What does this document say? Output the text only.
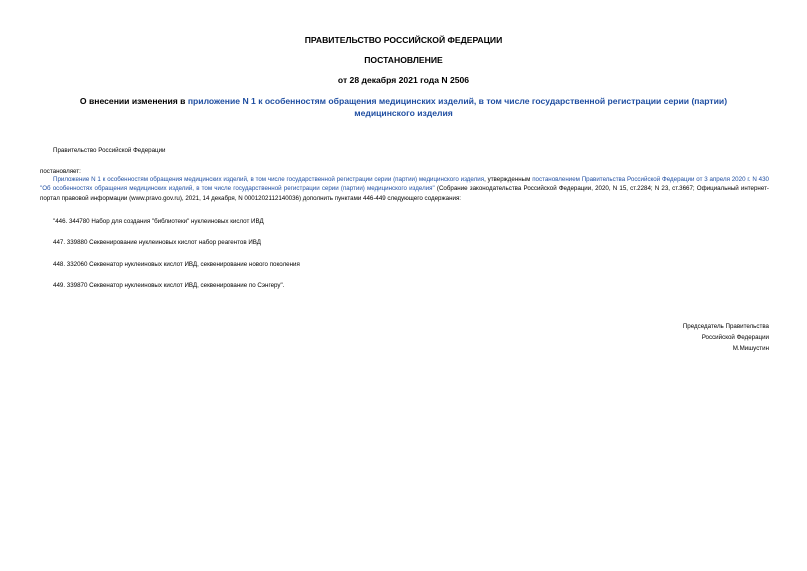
ПРАВИТЕЛЬСТВО РОССИЙСКОЙ ФЕДЕРАЦИИ
ПОСТАНОВЛЕНИЕ
от 28 декабря 2021 года N 2506
О внесении изменения в приложение N 1 к особенностям обращения медицинских изделий, в том числе государственной регистрации серии (партии) медицинского изделия
Правительство Российской Федерации
постановляет:
Приложение N 1 к особенностям обращения медицинских изделий, в том числе государственной регистрации серии (партии) медицинского изделия, утвержденным постановлением Правительства Российской Федерации от 3 апреля 2020 г. N 430 "Об особенностях обращения медицинских изделий, в том числе государственной регистрации серии (партии) медицинского изделия" (Собрание законодательства Российской Федерации, 2020, N 15, ст.2284; N 23, ст.3667; Официальный интернет-портал правовой информации (www.pravo.gov.ru), 2021, 14 декабря, N 0001202112140036) дополнить пунктами 446-449 следующего содержания:
"446. 344780 Набор для создания "библиотеки" нуклеиновых кислот ИВД
447. 339880 Секвенирование нуклеиновых кислот набор реагентов ИВД
448. 332060 Секвенатор нуклеиновых кислот ИВД, секвенирование нового поколения
449. 339870 Секвенатор нуклеиновых кислот ИВД, секвенирование по Сэнгеру".
Председатель Правительства
Российской Федерации
М.Мишустин
